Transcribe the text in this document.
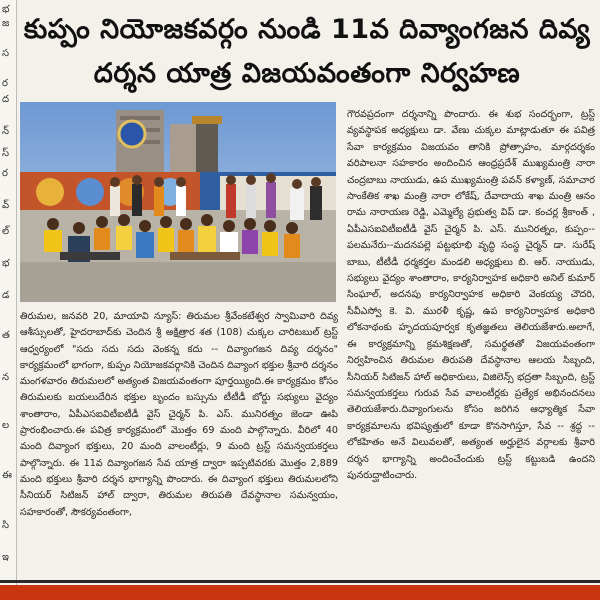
భ
జ
స
ర
ద
న్
స్
ర
వ్
ల్
భ
డ
త
న
ల
ఈ
సి
ఇ
కుప్పం నియోజకవర్గం నుండి 11వ దివ్యాంగజన దివ్య
దర్శన యాత్ర విజయవంతంగా నిర్వహణ

తిరుమల, జనవరి 20, మాయావి న్యూస్: తిరుమల శ్రీవేంకటేశ్వర స్వామివారి దివ్య ఆశీస్సులతో, హైదరాబాద్‌కు చెందిన శ్రీ అక్షిత్రార శత (108) చుక్కల చారిటబుల్ ట్రస్ట్ ఆధ్వర్యంలో "సదు సదు సదు వెంకన్న కదు -- దివ్యాంగజన దివ్య దర్శనం" కార్యక్రమంలో భాగంగా, కుప్పం నియోజకవర్గానికి చెందిన దివ్యాంగ భక్తుల శ్రీవారి దర్శనం మంగళవారం తిరుమలలో అత్యంత విజయవంతంగా పూర్తయ్యింది.ఈ కార్యక్రమం కోసం తిరుమలకు బయలుదేరిన భక్తుల బృందం బస్సును టీటీడీ బోర్డు సభ్యులు వైద్యం శాంతారాం, ఏపీఎసఐవిటీఐటీడీ వైస్ చైర్మన్ పి. ఎస్. మునిరత్నం జెండా ఊపి ప్రారంభించారు.ఈ పవిత్ర కార్యక్రమంలో మొత్తం 69 మంది పాల్గొన్నారు. వీరిలో 40 మంది దివ్యాంగ భక్తులు, 20 మంది వాలంటీర్లు, 9 మంది ట్రస్ట్ సమన్వయకర్తలు పాల్గొన్నారు. ఈ 11వ దివ్యాంగజన సేవ యాత్ర ద్వారా ఇప్పటివరకు మొత్తం 2,889 మంది భక్తులు శ్రీవారి దర్శన భాగ్యాన్ని పొందారు. ఈ దివ్యాంగ భక్తులు తిరుమలలోని సీనియర్ సిటిజన్ హాల్ ద్వారా, తిరుమల తిరుపతి దేవస్థానాల సమన్వయం, సహకారంతో, సౌకర్యవంతంగా,

గౌరవప్రదంగా దర్శనాన్ని పొందారు. ఈ శుభ సందర్భంగా, ట్రస్ట్ వ్యవస్థాపక అధ్యక్షులు డా. వేణు చుక్కల మాట్లాడుతూ ఈ పవిత్ర సేవా కార్యక్రమం విజయవం తానికి ప్రోత్సాహం, మార్గదర్శకం వరిపాలనా సహకారం అందించిన ఆంధ్రప్రదేశ్ ముఖ్యమంత్రి నారా చంద్రబాబు నాయుడు, ఉప ముఖ్యమంత్రి పవన్ కళ్యాణ్, సమాచార సాంకేతిక శాఖ మంత్రి నారా లోకేష్, దేవాదాయ శాఖ మంత్రి ఆనం రామ నారాయణ రెడ్డి, ఎమ్మెల్యే ప్రభుత్వ విప్ డా. కంచర్ల శ్రీకాంత్ , ఏపీఎసఐవిటీఐటీడీ వైస్ చైర్మన్ పి. ఎస్. మునిరత్నం, కుప్పం--పలమనేరు--మదనపల్లె పట్టభూభి వృద్ధి సంస్థ చైర్మన్ డా. సురేష్ బాబు, టీటీడీ ధర్మకర్తల మండలి అధ్యక్షులు బి. ఆర్. నాయుడు, సభ్యులు వైద్యం శాంతారాం, కార్యనిర్వాహక అధికారి అనిల్ కుమార్ సింఘాల్, అదనపు కార్యనిర్వాహక అధికారి వెంకయ్య చౌదరి, సీవీఎస్వో కె. వి. మురళీ కృష్ణ, ఉప కార్యనిర్వాహక అధికారి లోకనాథంకు హృదయపూర్వక కృతజ్ఞతలు తెలియజేశారు.అలాగే, ఈ కార్యక్రమాన్ని క్రమశిక్షణతో, సమర్థతతో విజయవంతంగా నిర్వహించిన తిరుమల తిరుపతి దేవస్థానాల ఆలయ సిబ్బంది, సీనియర్ సిటిజన్ హాల్ అధికారులు, విజిలెన్స్ భద్రతా సిబ్బంది, ట్రస్ట్ సమన్వయకర్తలు గురువ సేవ వాలంటీర్లకు ప్రత్యేక అభినందనలు తెలియజేశారు.దివ్యాంగులను కోసం జరిగిన ఆధ్యాత్మిక సేవా కార్యక్రమాలను భవిష్యత్తులో కూడా కొనసాగిస్తూ, సేవ -- శ్రద్ధ -- లోకహితం అనే విలువలతో, అత్యంత అర్హులైన వర్గాలకు శ్రీవారి దర్శన భాగ్యాన్ని అందించేందుకు ట్రస్ట్ కట్టుబడి ఉందని పునరుద్ఘాటించారు.
